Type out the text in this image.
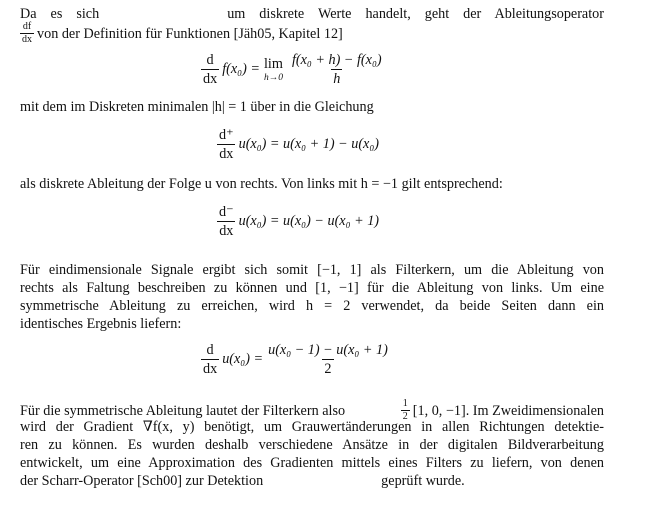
Da es sich	um diskrete Werte handelt, geht der Ableitungsoperator
$\frac{df}{dx}$ von der Definition für Funktionen [Jäh05, Kapitel 12]
$\frac{d}{dx} f(x_0) = \lim$
$h\to 0 \frac{\text{f(x₀ + h) − f(x₀)}}{h}$
mit dem im Diskreten minimalen |h| = 1 über in die Gleichung
$\frac{d^+}{dx} u(x_0) = u(x_0 + 1) - u(x_0)$
als diskrete Ableitung der Folge u von rechts. Von links mit h = −1 gilt entsprechend:
$\frac{d^-}{dx} u(x_0) = u(x_0) - u(x_0 + 1)$
Für eindimensionale Signale ergibt sich somit [−1, 1] als Filterkern, um die Ableitung von
rechts als Faltung beschreiben zu können und [1, −1] für die Ableitung von links. Um eine
symmetrische Ableitung zu erreichen, wird h = 2 verwendet, da beide Seiten dann ein
identisches Ergebnis liefern:
$\frac{d}{dx} u(x_0) = \frac{\text{u(x₀ − 1) − u(x₀ + 1)}}{2}$
Für die symmetrische Ableitung lautet der Filterkern also	$\frac{1}{2} [1$, 0, −1]. Im Zweidimensionalen
wird der Gradient ∇f(x, y) benötigt, um Grauwertänderungen in allen Richtungen detektie-
ren zu können. Es wurden deshalb verschiedene Ansätze in der digitalen Bildverarbeitung
entwickelt, um eine Approximation des Gradienten mittels eines Filters zu liefern, von denen
der Scharr-Operator [Sch00] zur Detektion	geprüft wurde.
